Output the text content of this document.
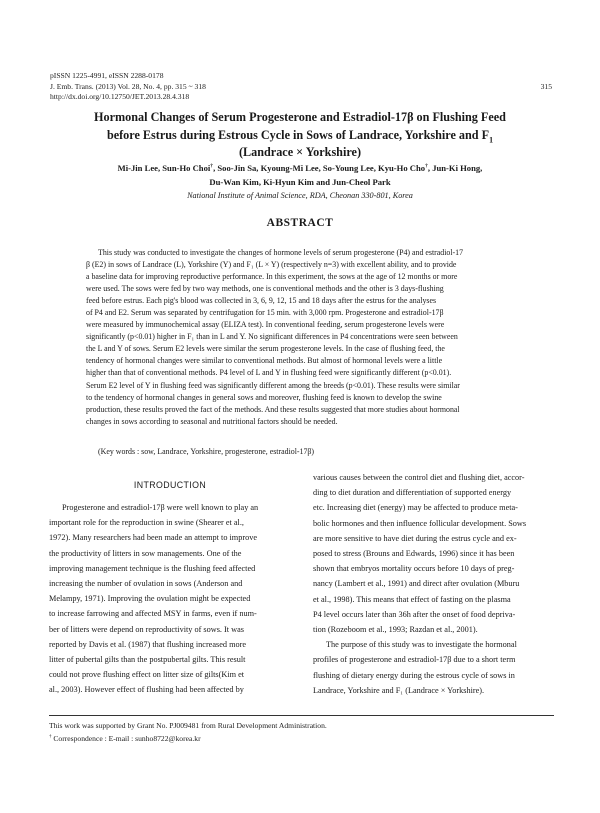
pISSN 1225-4991, eISSN 2288-0178
J. Emb. Trans. (2013) Vol. 28, No. 4, pp. 315 ~ 318
http://dx.doi.org/10.12750/JET.2013.28.4.318
315
Hormonal Changes of Serum Progesterone and Estradiol-17β on Flushing Feed
before Estrus during Estrous Cycle in Sows of Landrace, Yorkshire and $F_1$
(Landrace × Yorkshire)
Mi-Jin Lee, Sun-Ho Choi†, Soo-Jin Sa, Kyoung-Mi Lee, So-Young Lee, Kyu-Ho Cho†, Jun-Ki Hong,
Du-Wan Kim, Ki-Hyun Kim and Jun-Cheol Park
National Institute of Animal Science, RDA, Cheonan 330-801, Korea
ABSTRACT
This study was conducted to investigate the changes of hormone levels of serum progesterone (P4) and estradiol-17
β (E2) in sows of Landrace (L), Yorkshire (Y) and F₁ (L × Y) (respectively n=3) with excellent ability, and to provide
a baseline data for improving reproductive performance. In this experiment, the sows at the age of 12 months or more
were used. The sows were fed by two way methods, one is conventional methods and the other is 3 days-flushing
feed before estrus. Each pig's blood was collected in 3, 6, 9, 12, 15 and 18 days after the estrus for the analyses
of P4 and E2. Serum was separated by centrifugation for 15 min. with 3,000 rpm. Progesterone and estradiol-17β
were measured by immunochemical assay (ELIZA test). In conventional feeding, serum progesterone levels were
significantly (p<0.01) higher in F₁ than in L and Y. No significant differences in P4 concentrations were seen between
the L and Y of sows. Serum E2 levels were similar the serum progesterone levels. In the case of flushing feed, the
tendency of hormonal changes were similar to conventional methods. But almost of hormonal levels were a little
higher than that of conventional methods. P4 level of L and Y in flushing feed were significantly different (p<0.01).
Serum E2 level of Y in flushing feed was significantly different among the breeds (p<0.01). These results were similar
to the tendency of hormonal changes in general sows and moreover, flushing feed is known to develop the swine
production, these results proved the fact of the methods. And these results suggested that more studies about hormonal
changes in sows according to seasonal and nutritional factors should be needed.
(Key words : sow, Landrace, Yorkshire, progesterone, estradiol-17β)
INTRODUCTION
Progesterone and estradiol-17β were well known to play an
important role for the reproduction in swine (Shearer et al.,
1972). Many researchers had been made an attempt to improve
the productivity of litters in sow managements. One of the
improving management technique is the flushing feed affected
increasing the number of ovulation in sows (Anderson and
Melampy, 1971). Improving the ovulation might be expected
to increase farrowing and affected MSY in farms, even if num-
ber of litters were depend on reproductivity of sows. It was
reported by Davis et al. (1987) that flushing increased more
litter of pubertal gilts than the postpubertal gilts. This result
could not prove flushing effect on litter size of gilts(Kim et
al., 2003). However effect of flushing had been affected by
various causes between the control diet and flushing diet, accor-
ding to diet duration and differentiation of supported energy
etc. Increasing diet (energy) may be affected to produce meta-
bolic hormones and then influence follicular development. Sows
are more sensitive to have diet during the estrus cycle and ex-
posed to stress (Brouns and Edwards, 1996) since it has been
shown that embryos mortality occurs before 10 days of preg-
nancy (Lambert et al., 1991) and direct after ovulation (Mburu
et al., 1998). This means that effect of fasting on the plasma
P4 level occurs later than 36h after the onset of food depriva-
tion (Rozeboom et al., 1993; Razdan et al., 2001).
The purpose of this study was to investigate the hormonal
profiles of progesterone and estradiol-17β due to a short term
flushing of dietary energy during the estrous cycle of sows in
Landrace, Yorkshire and F₁ (Landrace × Yorkshire).
This work was supported by Grant No. PJ009481 from Rural Development Administration.
† Correspondence : E-mail : sunho8722@korea.kr
